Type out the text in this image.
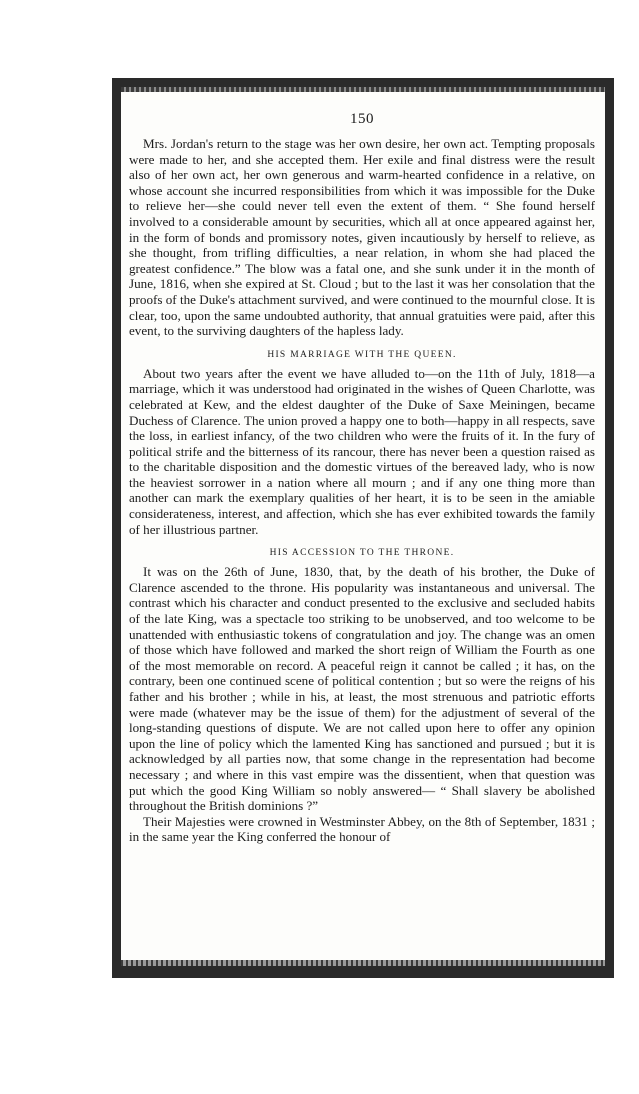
150

Mrs. Jordan's return to the stage was her own desire, her own act. Tempting proposals were made to her, and she accepted them. Her exile and final distress were the result also of her own act, her own generous and warm-hearted confidence in a relative, on whose account she incurred responsibilities from which it was impossible for the Duke to relieve her—she could never tell even the extent of them. “ She found herself involved to a considerable amount by securities, which all at once appeared against her, in the form of bonds and promissory notes, given incautiously by herself to relieve, as she thought, from trifling difficulties, a near relation, in whom she had placed the greatest confidence.” The blow was a fatal one, and she sunk under it in the month of June, 1816, when she expired at St. Cloud ; but to the last it was her consolation that the proofs of the Duke's attachment survived, and were continued to the mournful close. It is clear, too, upon the same undoubted authority, that annual gratuities were paid, after this event, to the surviving daughters of the hapless lady.

HIS MARRIAGE WITH THE QUEEN.

About two years after the event we have alluded to—on the 11th of July, 1818—a marriage, which it was understood had originated in the wishes of Queen Charlotte, was celebrated at Kew, and the eldest daughter of the Duke of Saxe Meiningen, became Duchess of Clarence. The union proved a happy one to both—happy in all respects, save the loss, in earliest infancy, of the two children who were the fruits of it. In the fury of political strife and the bitterness of its rancour, there has never been a question raised as to the charitable disposition and the domestic virtues of the bereaved lady, who is now the heaviest sorrower in a nation where all mourn ; and if any one thing more than another can mark the exemplary qualities of her heart, it is to be seen in the amiable considerateness, interest, and affection, which she has ever exhibited towards the family of her illustrious partner.

HIS ACCESSION TO THE THRONE.

It was on the 26th of June, 1830, that, by the death of his brother, the Duke of Clarence ascended to the throne. His popularity was instantaneous and universal. The contrast which his character and conduct presented to the exclusive and secluded habits of the late King, was a spectacle too striking to be unobserved, and too welcome to be unattended with enthusiastic tokens of congratulation and joy. The change was an omen of those which have followed and marked the short reign of William the Fourth as one of the most memorable on record. A peaceful reign it cannot be called ; it has, on the contrary, been one continued scene of political contention ; but so were the reigns of his father and his brother ; while in his, at least, the most strenuous and patriotic efforts were made (whatever may be the issue of them) for the adjustment of several of the long-standing questions of dispute. We are not called upon here to offer any opinion upon the line of policy which the lamented King has sanctioned and pursued ; but it is acknowledged by all parties now, that some change in the representation had become necessary ; and where in this vast empire was the dissentient, when that question was put which the good King William so nobly answered— “ Shall slavery be abolished throughout the British dominions ?”

Their Majesties were crowned in Westminster Abbey, on the 8th of September, 1831 ; in the same year the King conferred the honour of
